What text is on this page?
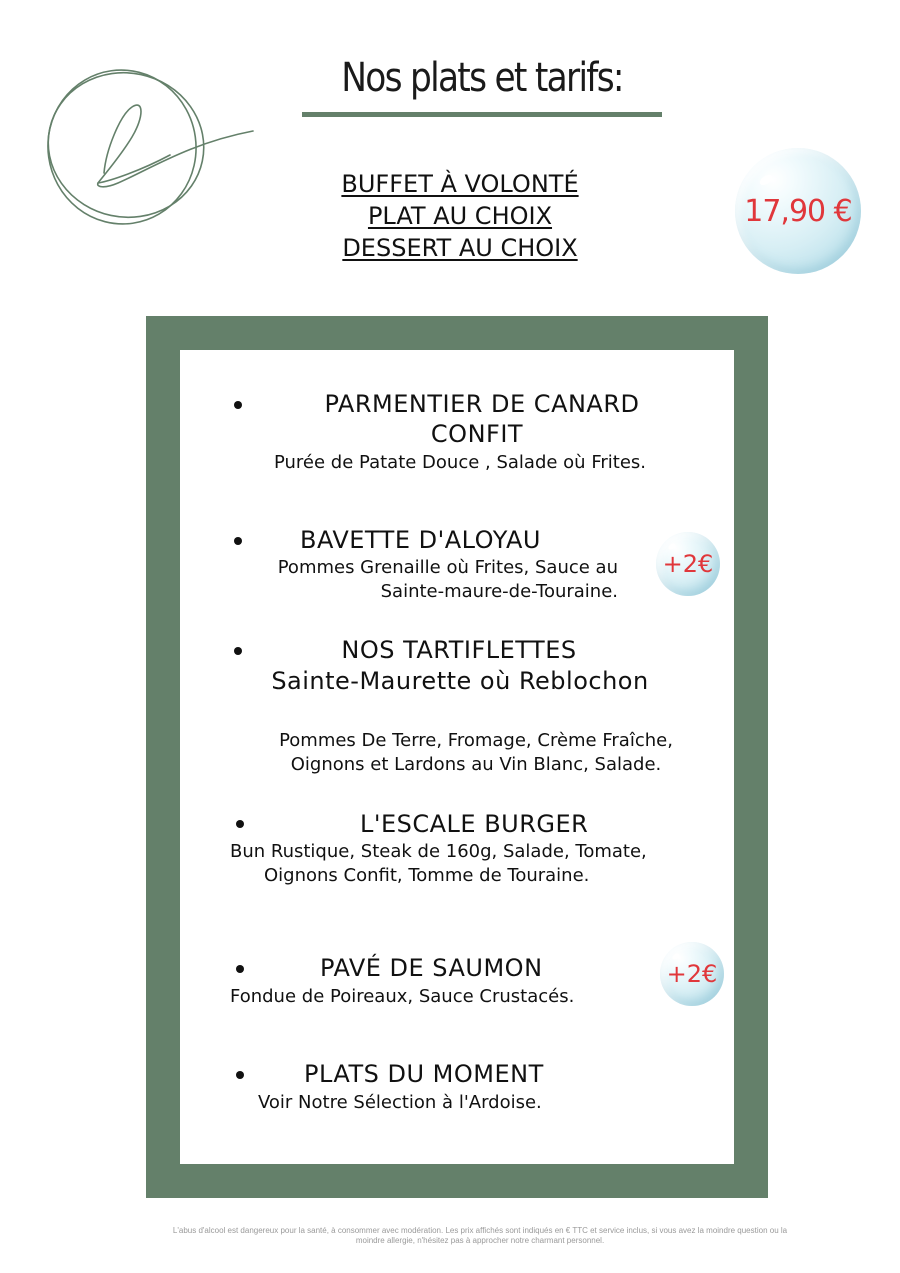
Nos plats et tarifs:
BUFFET À VOLONTÉ
PLAT AU CHOIX
DESSERT AU CHOIX
17,90 €
PARMENTIER DE CANARD
CONFIT
Purée de Patate Douce , Salade où Frites.
BAVETTE D'ALOYAU
Pommes Grenaille où Frites, Sauce au
Sainte-maure-de-Touraine.
+2€
NOS TARTIFLETTES
Sainte-Maurette où Reblochon
Pommes De Terre, Fromage, Crème Fraîche,
Oignons et Lardons au Vin Blanc, Salade.
L'ESCALE BURGER
Bun Rustique, Steak de 160g, Salade, Tomate,
Oignons Confit, Tomme de Touraine.
PAVÉ DE SAUMON
Fondue de Poireaux, Sauce Crustacés.
+2€
PLATS DU MOMENT
Voir Notre Sélection à l'Ardoise.
L'abus d'alcool est dangereux pour la santé, à consommer avec modération. Les prix affichés sont indiqués en € TTC et service inclus, si vous avez la moindre question ou la
moindre allergie, n'hésitez pas à approcher notre charmant personnel.
